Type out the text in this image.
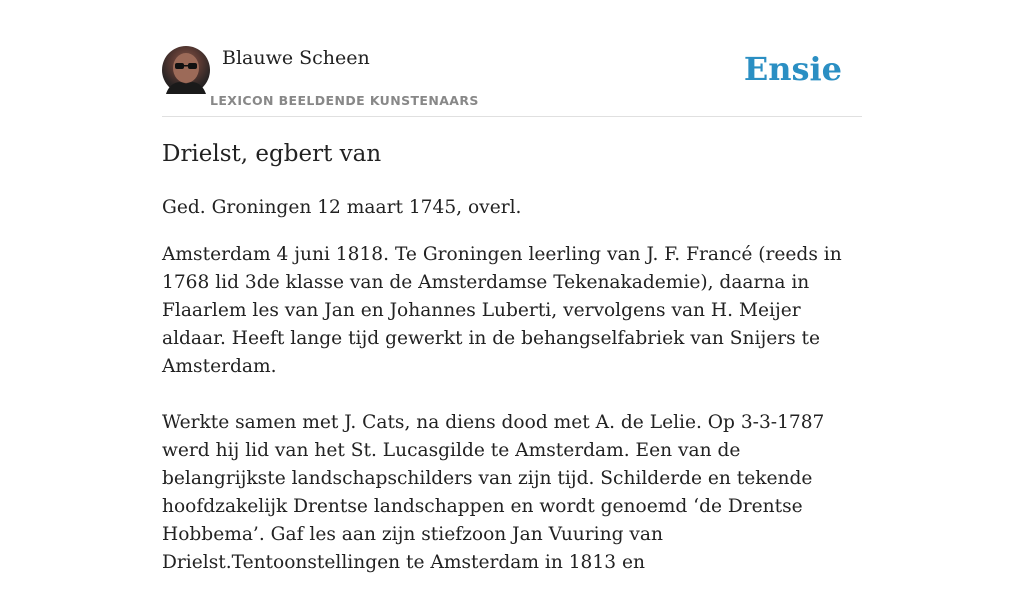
Blauwe Scheen
LEXICON BEELDENDE KUNSTENAARS
Ensie
Drielst, egbert van

Ged. Groningen 12 maart 1745, overl.

Amsterdam 4 juni 1818. Te Groningen leerling van J. F. Francé (reeds in 1768 lid 3de klasse van de Amsterdamse Tekenakademie), daarna in Flaarlem les van Jan en Johannes Luberti, vervolgens van H. Meijer aldaar. Heeft lange tijd gewerkt in de behangselfabriek van Snijers te Amsterdam.

Werkte samen met J. Cats, na diens dood met A. de Lelie. Op 3-3-1787 werd hij lid van het St. Lucasgilde te Amsterdam. Een van de belangrijkste landschapschilders van zijn tijd. Schilderde en tekende hoofdzakelijk Drentse landschappen en wordt genoemd ‘de Drentse Hobbema’. Gaf les aan zijn stiefzoon Jan Vuuring van Drielst.Tentoonstellingen te Amsterdam in 1813 en
